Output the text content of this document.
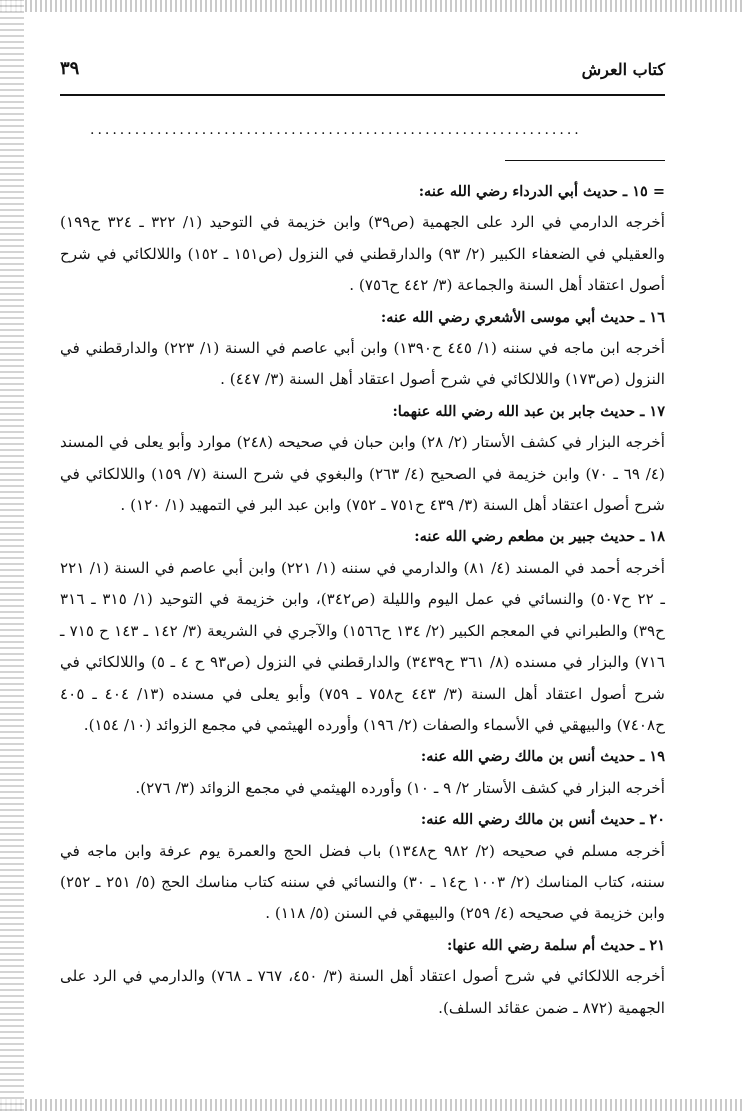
كتاب العرش
٣٩
..................................................................
= ١٥ ـ حديث أبي الدرداء رضي الله عنه:
أخرجه الدارمي في الرد على الجهمية (ص٣٩) وابن خزيمة في التوحيد (١/ ٣٢٢ ـ ٣٢٤ ح١٩٩) والعقيلي في الضعفاء الكبير (٢/ ٩٣) والدارقطني في النزول (ص١٥١ ـ ١٥٢) واللالكائي في شرح أصول اعتقاد أهل السنة والجماعة (٣/ ٤٤٢ ح٧٥٦) .
١٦ ـ حديث أبي موسى الأشعري رضي الله عنه:
أخرجه ابن ماجه في سننه (١/ ٤٤٥ ح١٣٩٠) وابن أبي عاصم في السنة (١/ ٢٢٣) والدارقطني في النزول (ص١٧٣) واللالكائي في شرح أصول اعتقاد أهل السنة (٣/ ٤٤٧) .
١٧ ـ حديث جابر بن عبد الله رضي الله عنهما:
أخرجه البزار في كشف الأستار (٢/ ٢٨) وابن حبان في صحيحه (٢٤٨) موارد وأبو يعلى في المسند (٤/ ٦٩ ـ ٧٠) وابن خزيمة في الصحيح (٤/ ٢٦٣) والبغوي في شرح السنة (٧/ ١٥٩) واللالكائي في شرح أصول اعتقاد أهل السنة (٣/ ٤٣٩ ح٧٥١ ـ ٧٥٢) وابن عبد البر في التمهيد (١/ ١٢٠) .
١٨ ـ حديث جبير بن مطعم رضي الله عنه:
أخرجه أحمد في المسند (٤/ ٨١) والدارمي في سننه (١/ ٢٢١) وابن أبي عاصم في السنة (١/ ٢٢١ ـ ٢٢ ح٥٠٧) والنسائي في عمل اليوم والليلة (ص٣٤٢)، وابن خزيمة في التوحيد (١/ ٣١٥ ـ ٣١٦ ح٣٩) والطبراني في المعجم الكبير (٢/ ١٣٤ ح١٥٦٦) والآجري في الشريعة (٣/ ١٤٢ ـ ١٤٣ ح ٧١٥ ـ ٧١٦) والبزار في مسنده (٨/ ٣٦١ ح٣٤٣٩) والدارقطني في النزول (ص٩٣ ح ٤ ـ ٥) واللالكائي في شرح أصول اعتقاد أهل السنة (٣/ ٤٤٣ ح٧٥٨ ـ ٧٥٩) وأبو يعلى في مسنده (١٣/ ٤٠٤ ـ ٤٠٥ ح٧٤٠٨) والبيهقي في الأسماء والصفات (٢/ ١٩٦) وأورده الهيثمي في مجمع الزوائد (١٠/ ١٥٤).
١٩ ـ حديث أنس بن مالك رضي الله عنه:
أخرجه البزار في كشف الأستار ٢/ ٩ ـ ١٠) وأورده الهيثمي في مجمع الزوائد (٣/ ٢٧٦).
٢٠ ـ حديث أنس بن مالك رضي الله عنه:
أخرجه مسلم في صحيحه (٢/ ٩٨٢ ح١٣٤٨) باب فضل الحج والعمرة يوم عرفة وابن ماجه في سننه، كتاب المناسك (٢/ ١٠٠٣ ح١٤ ـ ٣٠) والنسائي في سننه كتاب مناسك الحج (٥/ ٢٥١ ـ ٢٥٢) وابن خزيمة في صحيحه (٤/ ٢٥٩) والبيهقي في السنن (٥/ ١١٨) .
٢١ ـ حديث أم سلمة رضي الله عنها:
أخرجه اللالكائي في شرح أصول اعتقاد أهل السنة (٣/ ٤٥٠، ٧٦٧ ـ ٧٦٨) والدارمي في الرد على الجهمية (٨٧٢ ـ ضمن عقائد السلف).
